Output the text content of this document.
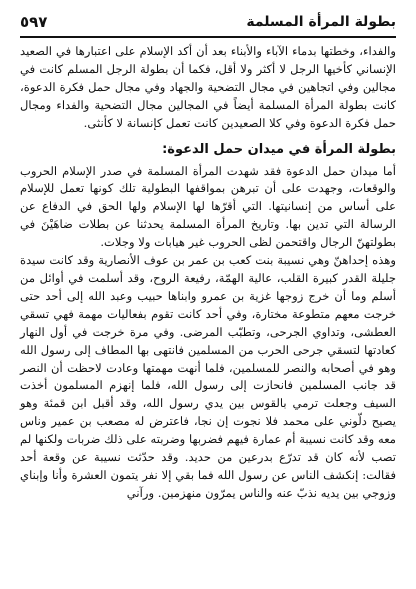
بطولة المرأة المسلمة
٥٩٧

والفداء، وخطتها بدماء الآباء والأبناء بعد أن أكد الإسلام على اعتبارها في الصعيد الإنساني كأخيها الرجل لا أكثر ولا أقل، فكما أن بطولة الرجل المسلم كانت في مجالين وفي اتجاهين في مجال التضحية والجهاد وفي مجال حمل فكرة الدعوة، كانت بطولة المرأة المسلمة أيضاً في المجالين مجال التضحية والفداء ومجال حمل فكرة الدعوة وفي كلا الصعيدين كانت تعمل كإنسانة لا كأنثى.

بطولة المرأة في ميدان حمل الدعوة:

أما ميدان حمل الدعوة فقد شهدت المرأة المسلمة في صدر الإسلام الحروب والوقعات، وجهدت على أن تبرهن بمواقفها البطولية تلك كونها تعمل للإسلام على أساس من إنسانيتها. التي أقرّها لها الإسلام ولها الحق في الدفاع عن الرسالة التي تدين بها. وتاريخ المرأة المسلمة يحدثنا عن بطلات ضاهَيْنَ في بطولتهنّ الرجال واقتحمن لظى الحروب غير هيابات ولا وجلات.

وهذه إحداهنّ وهي نسيبة بنت كعب بن عمر بن عوف الأنصارية وقد كانت سيدة جليلة القدر كبيرة القلب، عالية الهمّة، رفيعة الروح، وقد أسلمت في أوائل من أسلم وما أن خرج زوجها غزية بن عمرو وابناها حبيب وعبد الله إلى أحد حتى خرجت معهم متطوعة مختارة، وفي أحد كانت تقوم بفعاليات مهمة فهي تسقي العطشى، وتداوي الجرحى، وتطبّب المرضى. وفي مرة خرجت في أول النهار كعادتها لتسقي جرحى الحرب من المسلمين فانتهى بها المطاف إلى رسول الله وهو في أصحابه والنصر للمسلمين، فلما أنهت مهمتها وعادت لاحظت أن النصر قد جانب المسلمين فانحازت إلى رسول الله، فلما إنهزم المسلمون أخذت السيف وجعلت ترمي بالقوس بين يدي رسول الله، وقد أقبل ابن قمئة وهو يصيح دلّوني على محمد فلا نجوت إن نجا، فاعترض له مصعب بن عمير وناس معه وقد كانت نسيبة أم عمارة فيهم فضربها وضربته على ذلك ضربات ولكنها لم تصب لأنه كان قد تدرّع بدرعين من حديد. وقد حدّثت نسيبة عن وقعة أحد فقالت: إنكشف الناس عن رسول الله فما بقي إلا نفر يتمون العشرة وأنا وإبناي وزوجي بين يديه نذبّ عنه والناس يمرّون منهزمين. ورآني
